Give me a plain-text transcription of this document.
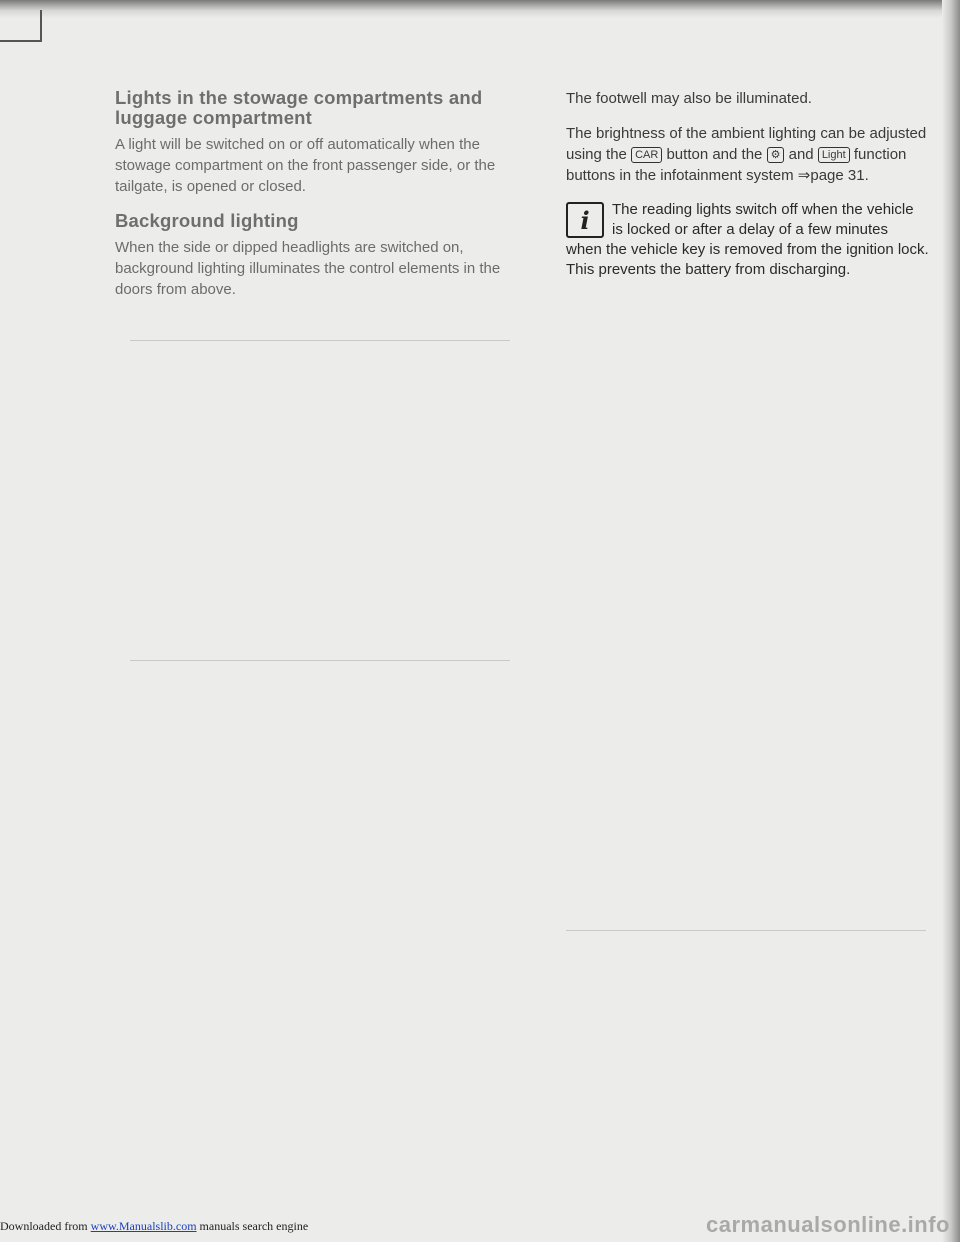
Lights in the stowage compartments and luggage compartment

A light will be switched on or off automatically when the stowage compartment on the front passenger side, or the tailgate, is opened or closed.

Background lighting

When the side or dipped headlights are switched on, background lighting illuminates the control elements in the doors from above.

The footwell may also be illuminated.

The brightness of the ambient lighting can be adjusted using the CAR button and the ⚙ and Light function buttons in the infotainment system ⇒page 31.

i	The reading lights switch off when the vehicle
is locked or after a delay of a few minutes
when the vehicle key is removed from the ignition lock. This prevents the battery from discharging.

Downloaded from www.Manualslib.com manuals search engine	carmanualsonline.info
